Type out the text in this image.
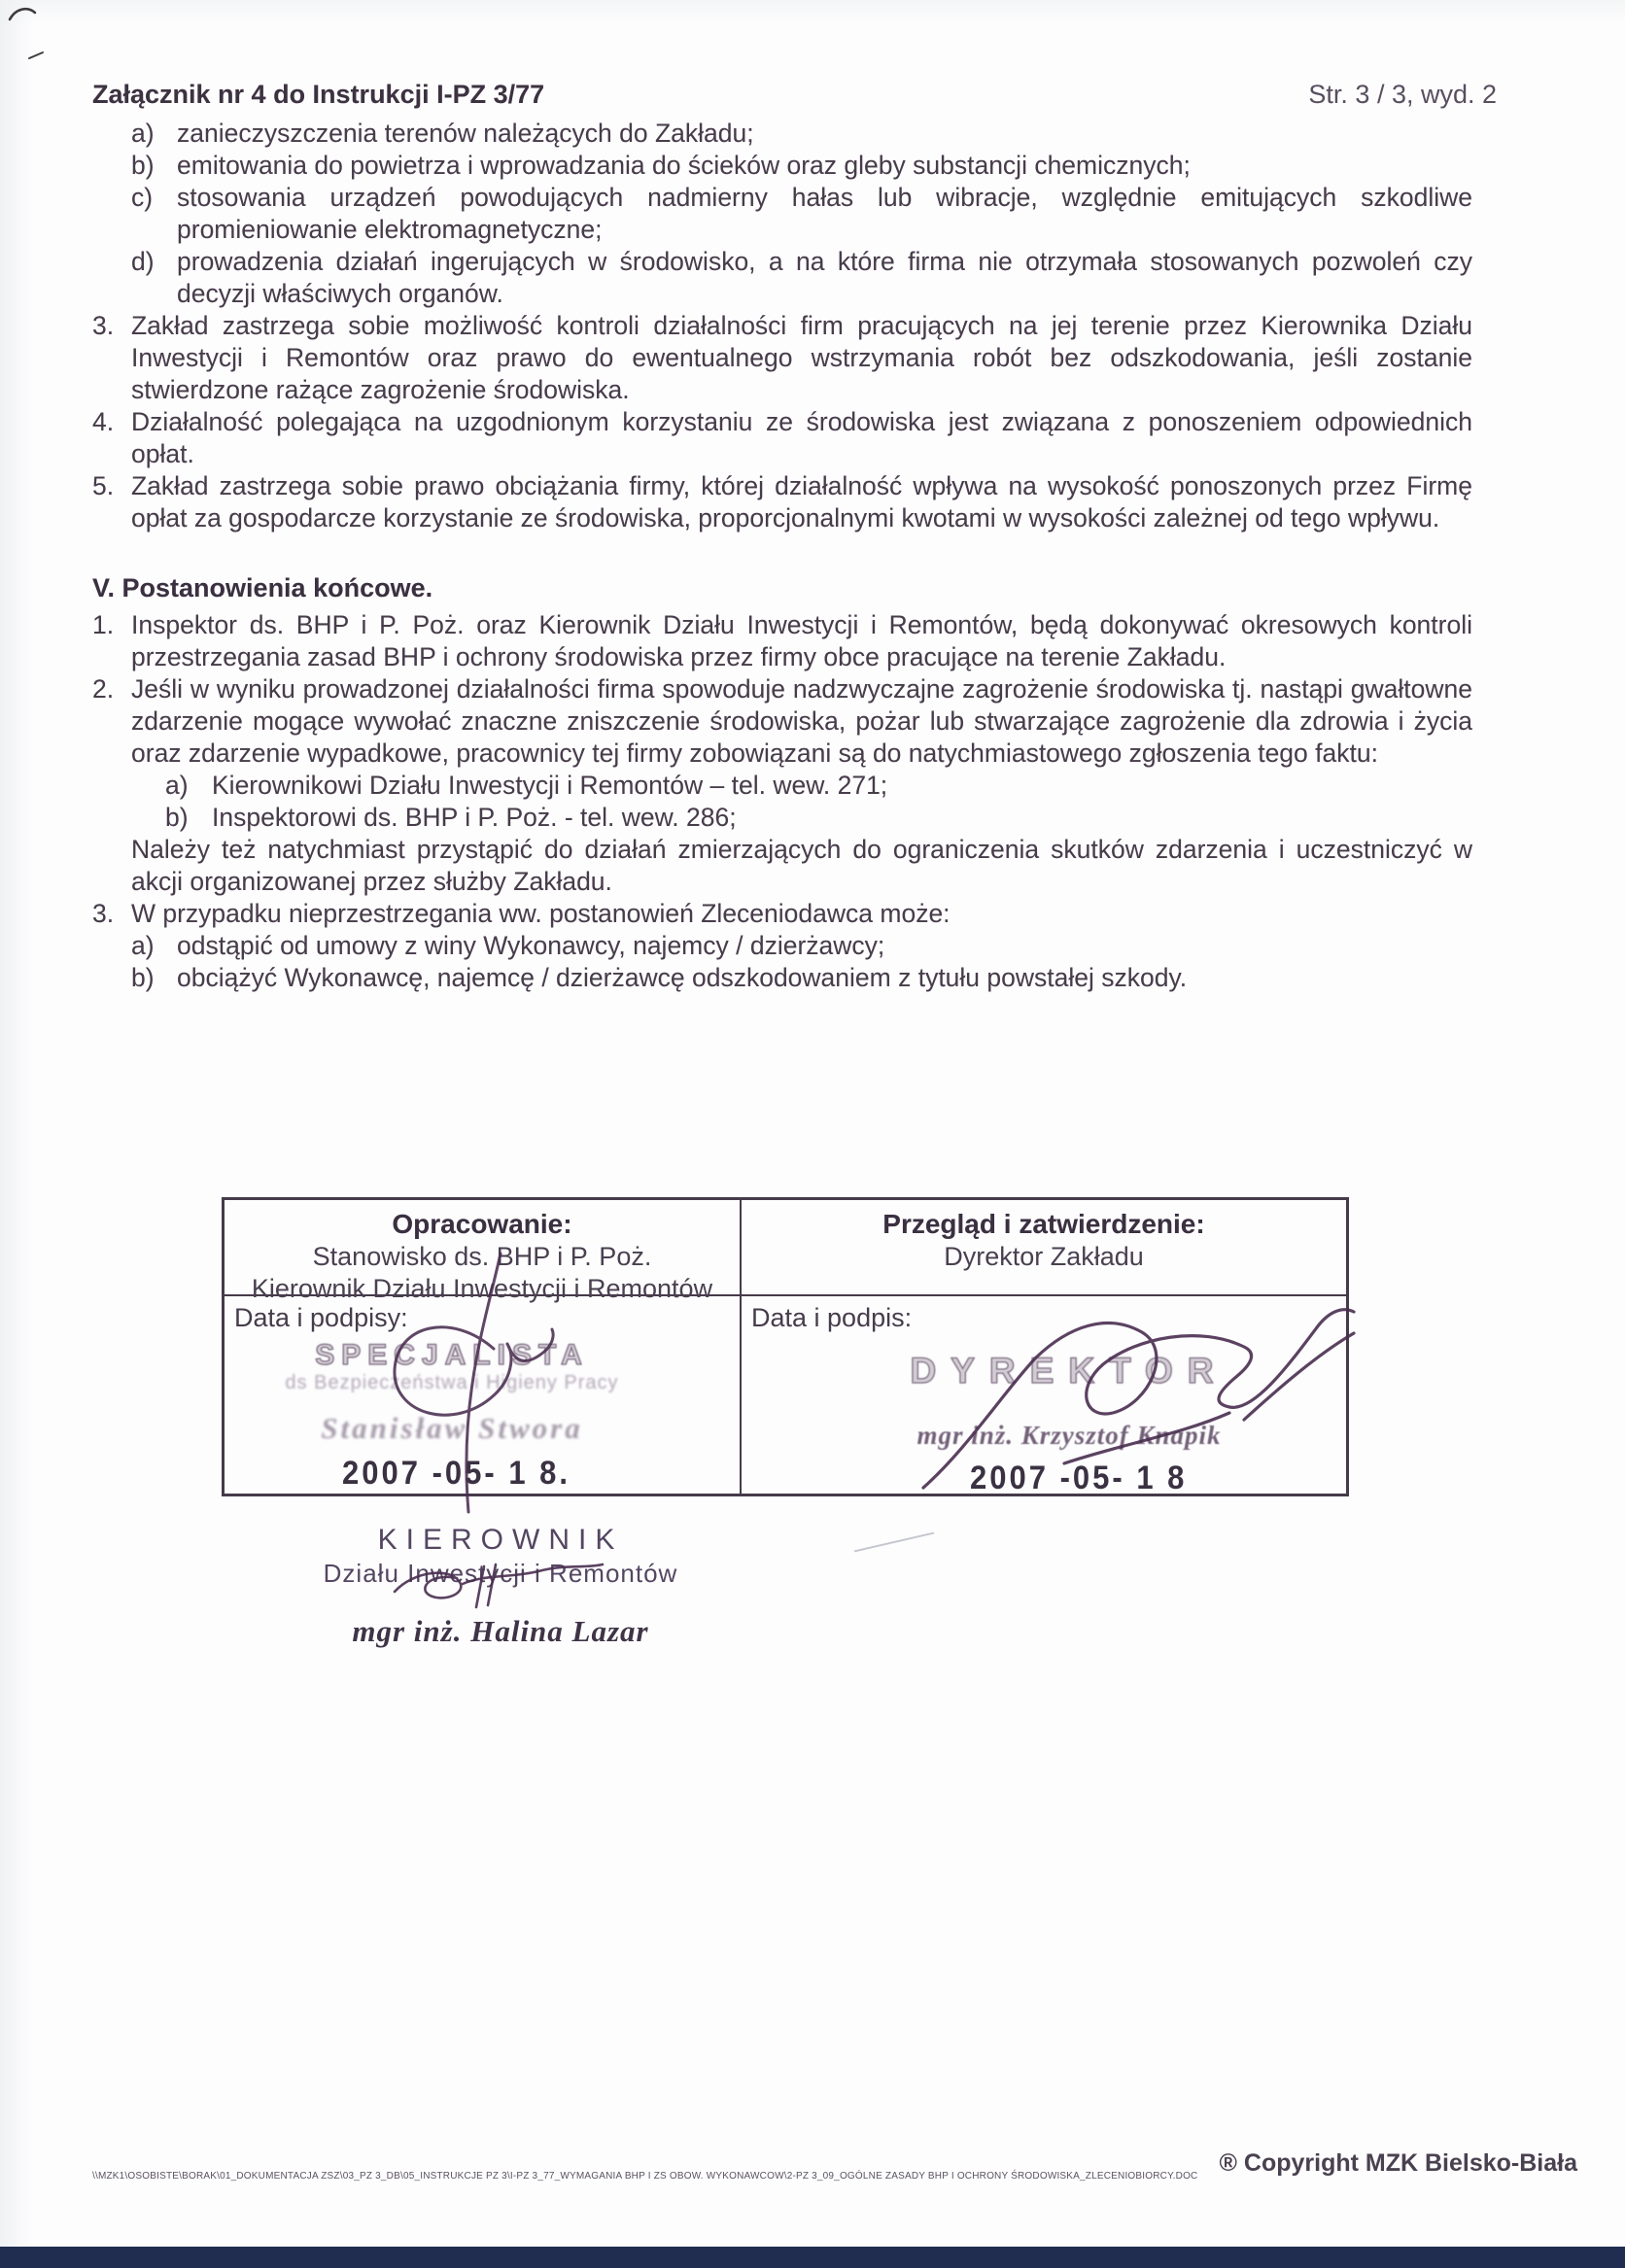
Załącznik nr 4 do Instrukcji I-PZ 3/77	Str. 3 / 3, wyd. 2
a) zanieczyszczenia terenów należących do Zakładu;
b) emitowania do powietrza i wprowadzania do ścieków oraz gleby substancji chemicznych;
c) stosowania urządzeń powodujących nadmierny hałas lub wibracje, względnie emitujących szkodliwe promieniowanie elektromagnetyczne;
d) prowadzenia działań ingerujących w środowisko, a na które firma nie otrzymała stosowanych pozwoleń czy decyzji właściwych organów.
3. Zakład zastrzega sobie możliwość kontroli działalności firm pracujących na jej terenie przez Kierownika Działu Inwestycji i Remontów oraz prawo do ewentualnego wstrzymania robót bez odszkodowania, jeśli zostanie stwierdzone rażące zagrożenie środowiska.
4. Działalność polegająca na uzgodnionym korzystaniu ze środowiska jest związana z ponoszeniem odpowiednich opłat.
5. Zakład zastrzega sobie prawo obciążania firmy, której działalność wpływa na wysokość ponoszonych przez Firmę opłat za gospodarcze korzystanie ze środowiska, proporcjonalnymi kwotami w wysokości zależnej od tego wpływu.
V. Postanowienia końcowe.
1. Inspektor ds. BHP i P. Poż. oraz Kierownik Działu Inwestycji i Remontów, będą dokonywać okresowych kontroli przestrzegania zasad BHP i ochrony środowiska przez firmy obce pracujące na terenie Zakładu.
2. Jeśli w wyniku prowadzonej działalności firma spowoduje nadzwyczajne zagrożenie środowiska tj. nastąpi gwałtowne zdarzenie mogące wywołać znaczne zniszczenie środowiska, pożar lub stwarzające zagrożenie dla zdrowia i życia oraz zdarzenie wypadkowe, pracownicy tej firmy zobowiązani są do natychmiastowego zgłoszenia tego faktu:
a) Kierownikowi Działu Inwestycji i Remontów – tel. wew. 271;
b) Inspektorowi ds. BHP i P. Poż. - tel. wew. 286;
Należy też natychmiast przystąpić do działań zmierzających do ograniczenia skutków zdarzenia i uczestniczyć w akcji organizowanej przez służby Zakładu.
3. W przypadku nieprzestrzegania ww. postanowień Zleceniodawca może:
a) odstąpić od umowy z winy Wykonawcy, najemcy / dzierżawcy;
b) obciążyć Wykonawcę, najemcę / dzierżawcę odszkodowaniem z tytułu powstałej szkody.
Opracowanie:
Stanowisko ds. BHP i P. Poż.
Kierownik Działu Inwestycji i Remontów
Przegląd i zatwierdzenie:
Dyrektor Zakładu
Data i podpisy:	Data i podpis:
SPECJALISTA
ds Bezpieczeństwa i Higieny Pracy
Stanisław Stwora
2007 -05- 1 8.
DYREKTOR
mgr inż. Krzysztof Knapik
2007 -05- 1 8
KIEROWNIK
Działu Inwestycji i Remontów
mgr inż. Halina Lazar
\\MZK1\OSOBISTE\BORAK\01_DOKUMENTACJA ZSZ\03_PZ 3_DB\05_INSTRUKCJE PZ 3\I-PZ 3_77_WYMAGANIA BHP I ZS OBOW. WYKONAWCOW\2-PZ 3_09_OGÓLNE ZASADY BHP I OCHRONY ŚRODOWISKA_ZLECENIOBIORCY.DOC ® Copyright MZK Bielsko-Biała
